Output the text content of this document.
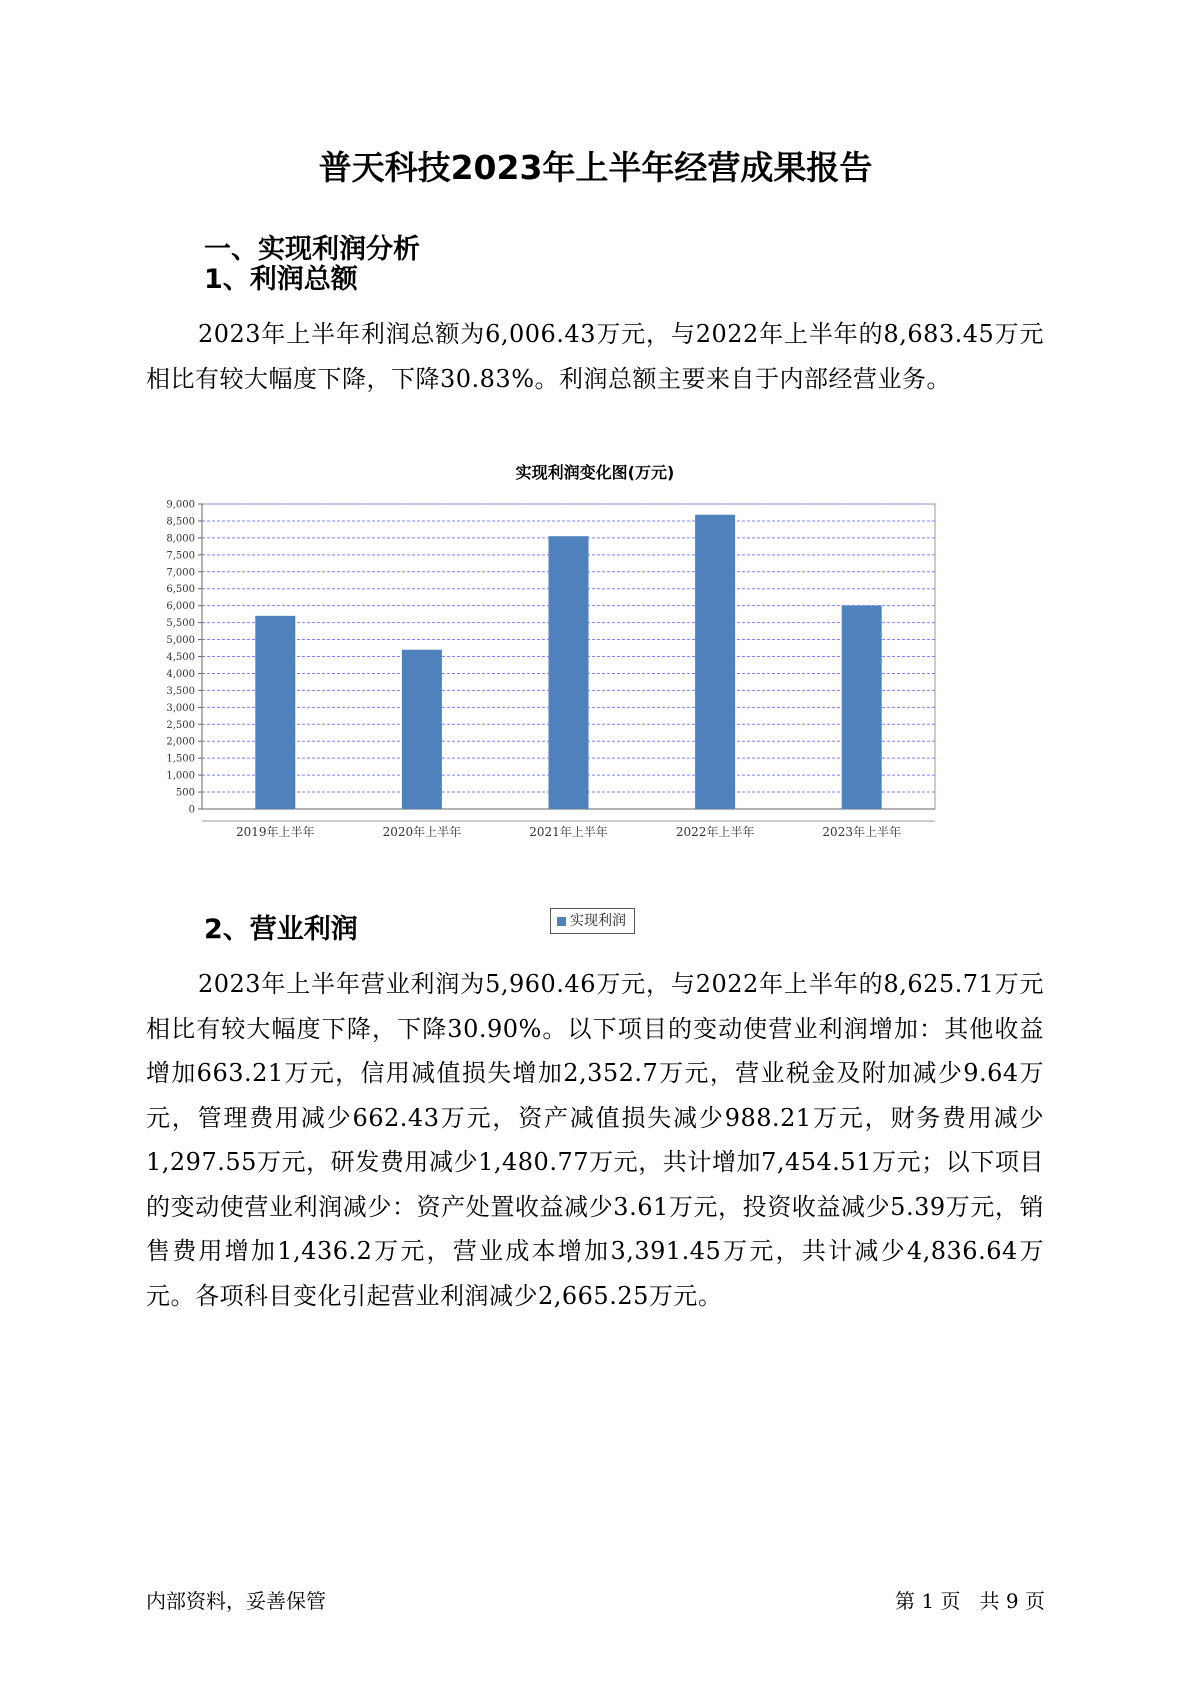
普天科技2023年上半年经营成果报告
一、实现利润分析
1、利润总额

2023年上半年利润总额为6,006.43万元，与2022年上半年的8,683.45万元相比有较大幅度下降，下降30.83%。利润总额主要来自于内部经营业务。

实现利润变化图(万元)
0
500
1,000
1,500
2,000
2,500
3,000
3,500
4,000
4,500
5,000
5,500
6,000
6,500
7,000
7,500
8,000
8,500
9,000
2019年上半年	2020年上半年	2021年上半年	2022年上半年	2023年上半年
实现利润
2、营业利润

2023年上半年营业利润为5,960.46万元，与2022年上半年的8,625.71万元相比有较大幅度下降，下降30.90%。以下项目的变动使营业利润增加：其他收益增加663.21万元，信用减值损失增加2,352.7万元，营业税金及附加减少9.64万元，管理费用减少662.43万元，资产减值损失减少988.21万元，财务费用减少1,297.55万元，研发费用减少1,480.77万元，共计增加7,454.51万元；以下项目的变动使营业利润减少：资产处置收益减少3.61万元，投资收益减少5.39万元，销售费用增加1,436.2万元，营业成本增加3,391.45万元，共计减少4,836.64万元。各项科目变化引起营业利润减少2,665.25万元。

内部资料，妥善保管	第 1 页   共 9 页
